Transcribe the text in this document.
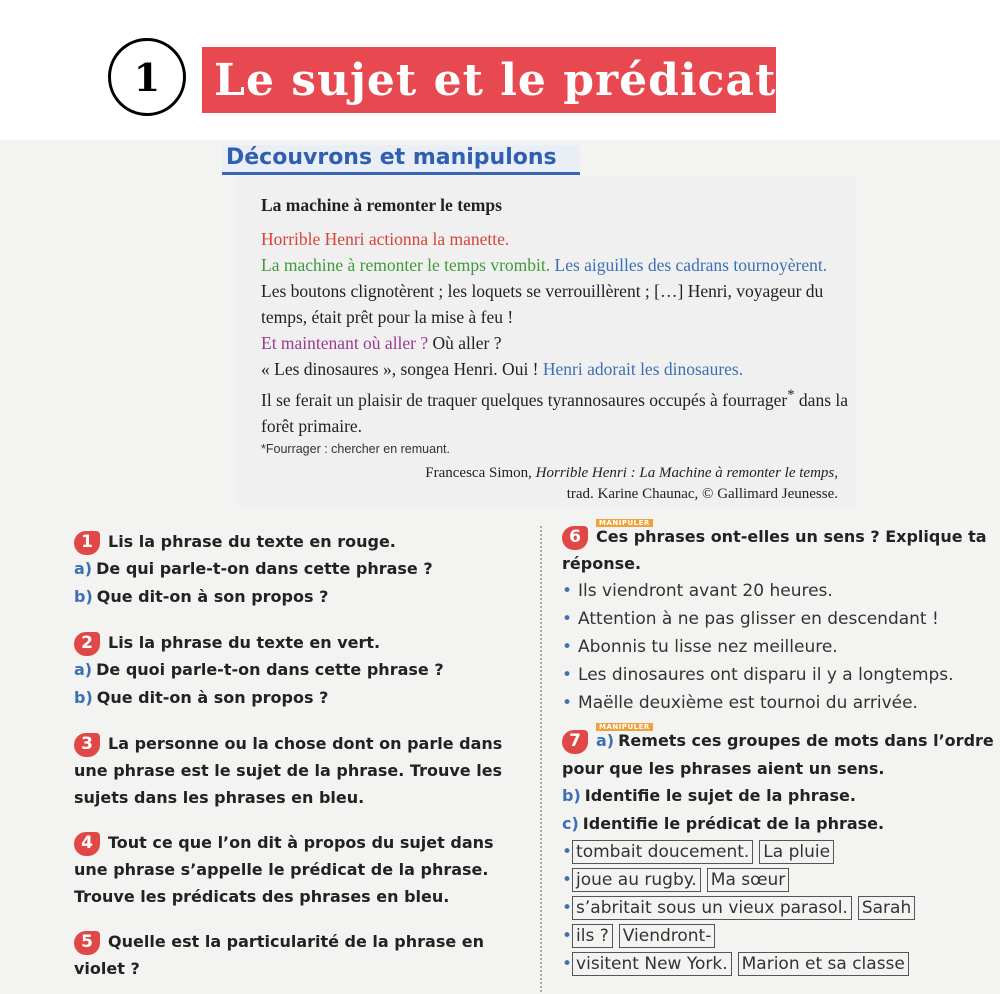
1 Le sujet et le prédicat
Découvrons et manipulons
La machine à remonter le temps
Horrible Henri actionna la manette.
La machine à remonter le temps vrombit. Les aiguilles des cadrans tournoyèrent. Les boutons clignotèrent ; les loquets se verrouillèrent ; […] Henri, voyageur du temps, était prêt pour la mise à feu !
Et maintenant où aller ? Où aller ?
« Les dinosaures », songea Henri. Oui ! Henri adorait les dinosaures.
Il se ferait un plaisir de traquer quelques tyrannosaures occupés à fourrager* dans la forêt primaire.
*Fourrager : chercher en remuant.
Francesca Simon, Horrible Henri : La Machine à remonter le temps,
trad. Karine Chaunac, © Gallimard Jeunesse.
1 Lis la phrase du texte en rouge.
a) De qui parle-t-on dans cette phrase ?
b) Que dit-on à son propos ?
2 Lis la phrase du texte en vert.
a) De quoi parle-t-on dans cette phrase ?
b) Que dit-on à son propos ?
3 La personne ou la chose dont on parle dans une phrase est le sujet de la phrase. Trouve les sujets dans les phrases en bleu.
4 Tout ce que l’on dit à propos du sujet dans une phrase s’appelle le prédicat de la phrase. Trouve les prédicats des phrases en bleu.
5 Quelle est la particularité de la phrase en violet ?
MANIPULER
6 Ces phrases ont-elles un sens ? Explique ta réponse.
• Ils viendront avant 20 heures.
• Attention à ne pas glisser en descendant !
• Abonnis tu lisse nez meilleure.
• Les dinosaures ont disparu il y a longtemps.
• Maëlle deuxième est tournoi du arrivée.
MANIPULER
7 a) Remets ces groupes de mots dans l’ordre pour que les phrases aient un sens.
b) Identifie le sujet de la phrase.
c) Identifie le prédicat de la phrase.
• tombait doucement. La pluie
• joue au rugby. Ma sœur
• s’abritait sous un vieux parasol. Sarah
• ils ? Viendront-
• visitent New York. Marion et sa classe
